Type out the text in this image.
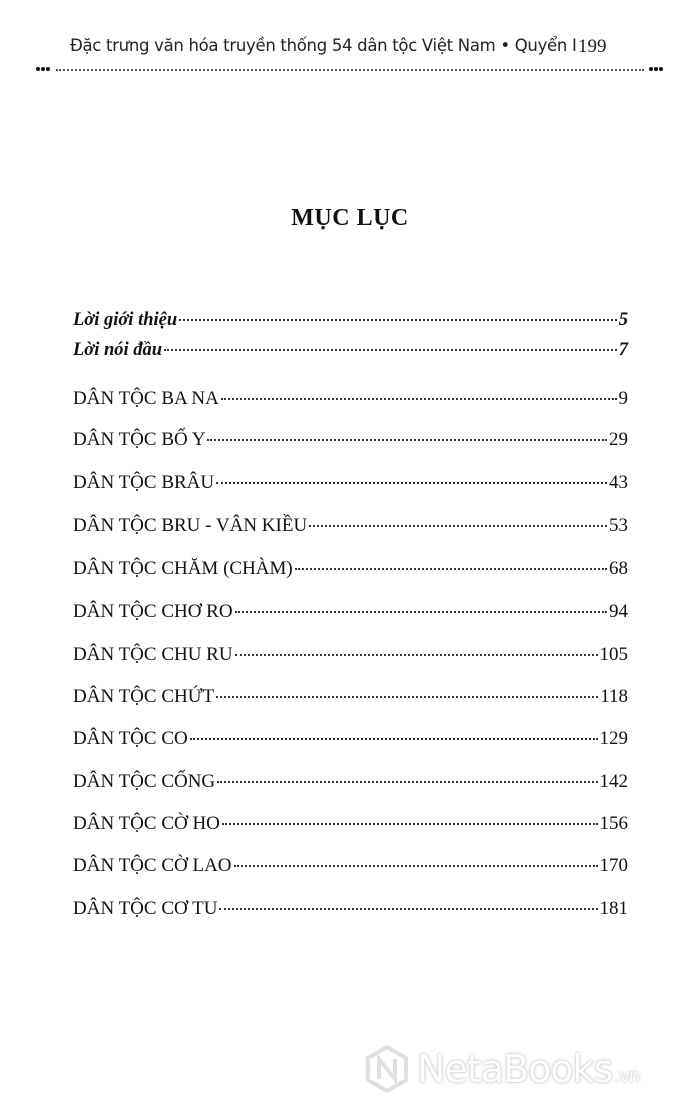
Đặc trưng văn hóa truyền thống 54 dân tộc Việt Nam • Quyển I 199
MỤC LỤC
Lời giới thiệu	5
Lời nói đầu	7
DÂN TỘC BA NA	9
DÂN TỘC BỐ Y	29
DÂN TỘC BRÂU	43
DÂN TỘC BRU - VÂN KIỀU	53
DÂN TỘC CHĂM (CHÀM)	68
DÂN TỘC CHƠ RO	94
DÂN TỘC CHU RU	105
DÂN TỘC CHỨT	118
DÂN TỘC CO	129
DÂN TỘC CỐNG	142
DÂN TỘC CỜ HO	156
DÂN TỘC CỜ LAO	170
DÂN TỘC CƠ TU	181
NetaBooks .vn
